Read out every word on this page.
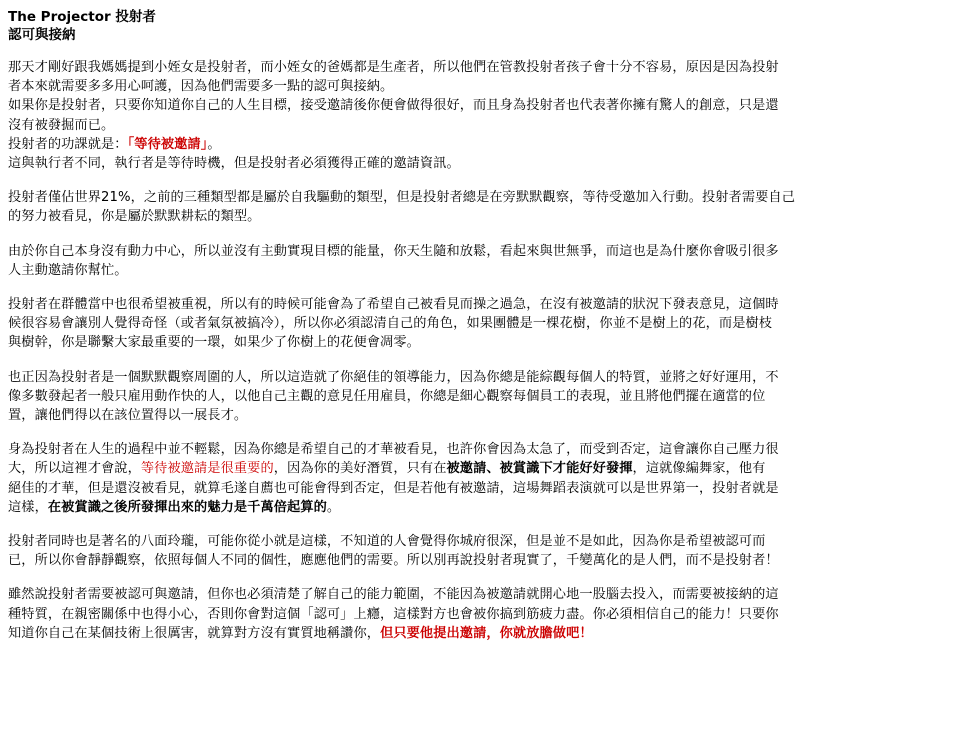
The Projector 投射者
認可與接納
那天才剛好跟我媽媽提到小姪女是投射者，而小姪女的爸媽都是生產者，所以他們在管教投射者孩子會十分不容易，原因是因為投射
者本來就需要多多用心呵護，因為他們需要多一點的認可與接納。
如果你是投射者，只要你知道你自己的人生目標，接受邀請後你便會做得很好，而且身為投射者也代表著你擁有驚人的創意，只是還
沒有被發掘而已。
投射者的功課就是：「等待被邀請」。
這與執行者不同，執行者是等待時機，但是投射者必須獲得正確的邀請資訊。
投射者僅佔世界21%，之前的三種類型都是屬於自我驅動的類型，但是投射者總是在旁默默觀察，等待受邀加入行動。投射者需要自己
的努力被看見，你是屬於默默耕耘的類型。
由於你自己本身沒有動力中心，所以並沒有主動實現目標的能量，你天生隨和放鬆，看起來與世無爭，而這也是為什麼你會吸引很多
人主動邀請你幫忙。
投射者在群體當中也很希望被重視，所以有的時候可能會為了希望自己被看見而操之過急，在沒有被邀請的狀況下發表意見，這個時
候很容易會讓別人覺得奇怪（或者氣氛被搞冷），所以你必須認清自己的角色，如果團體是一棵花樹，你並不是樹上的花，而是樹枝
與樹幹，你是聯繫大家最重要的一環，如果少了你樹上的花便會凋零。
也正因為投射者是一個默默觀察周圍的人，所以這造就了你絕佳的領導能力，因為你總是能綜觀每個人的特質，並將之好好運用，不
像多數發起者一般只雇用動作快的人，以他自己主觀的意見任用雇員，你總是細心觀察每個員工的表現，並且將他們擺在適當的位
置，讓他們得以在該位置得以一展長才。
身為投射者在人生的過程中並不輕鬆，因為你總是希望自己的才華被看見，也許你會因為太急了，而受到否定，這會讓你自己壓力很
大，所以這裡才會說，等待被邀請是很重要的，因為你的美好潛質，只有在被邀請、被賞識下才能好好發揮，這就像編舞家，他有
絕佳的才華，但是還沒被看見，就算毛遂自薦也可能會得到否定，但是若他有被邀請，這場舞蹈表演就可以是世界第一，投射者就是
這樣，在被賞識之後所發揮出來的魅力是千萬倍起算的。
投射者同時也是著名的八面玲瓏，可能你從小就是這樣，不知道的人會覺得你城府很深，但是並不是如此，因為你是希望被認可而
已，所以你會靜靜觀察，依照每個人不同的個性，應應他們的需要。所以別再說投射者現實了，千變萬化的是人們，而不是投射者！
雖然說投射者需要被認可與邀請，但你也必須清楚了解自己的能力範圍，不能因為被邀請就開心地一股腦去投入，而需要被接納的這
種特質，在親密關係中也得小心，否則你會對這個「認可」上癮，這樣對方也會被你搞到筋疲力盡。你必須相信自己的能力！只要你
知道你自己在某個技術上很厲害，就算對方沒有實質地稱讚你，但只要他提出邀請，你就放膽做吧！
